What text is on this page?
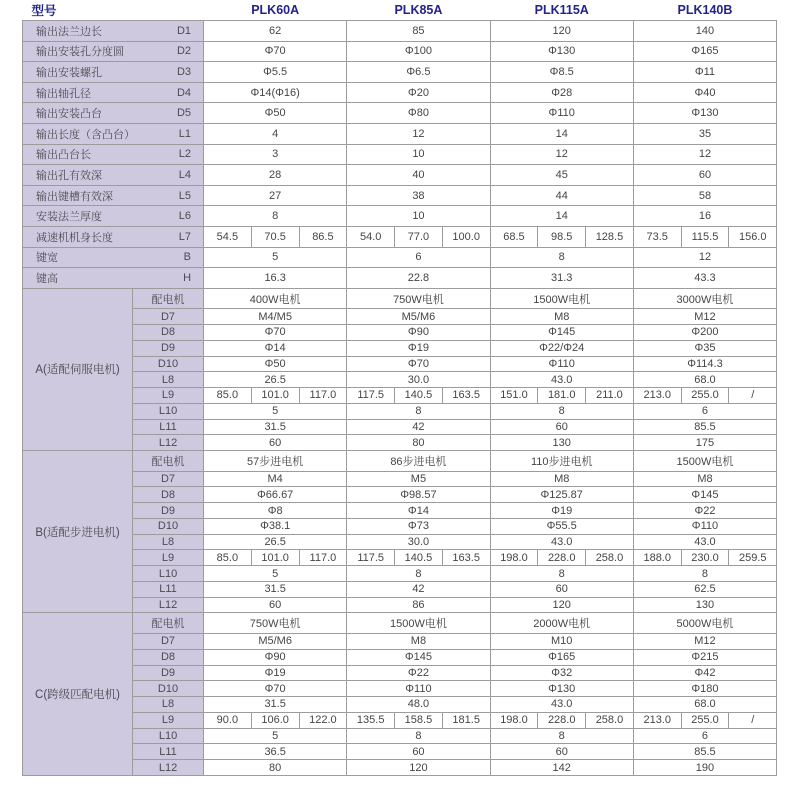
型号		PLK60A			PLK85A			PLK115A			PLK140B		

输出法兰边长 D1		62			85			120			140		

输出安装孔分度圆 D2		Φ70			Φ100			Φ130			Φ165		

输出安装螺孔 D3		Φ5.5			Φ6.5			Φ8.5			Φ11		

输出轴孔径 D4		Φ14(Φ16)			Φ20			Φ28			Φ40		

输出安装凸台 D5		Φ50			Φ80			Φ110			Φ130		

输出长度（含凸台） L1		4			12			14			35		

输出凸台长 L2		3			10			12			12		

输出孔有效深 L4		28			40			45			60		

输出键槽有效深 L5		27			38			44			58		

安装法兰厚度 L6		8			10			14			16		

减速机机身长度 L7		54.5	70.5	86.5	54.0	77.0	100.0	68.5	98.5	128.5	73.5	115.5	156.0

键宽 B		5			6			8			12		

键高 H		16.3			22.8			31.3			43.3		
A(适配伺服电机)	配电机	400W电机			750W电机			1500W电机			3000W电机		
	D7	M4/M5			M5/M6			M8			M12		
	D8	Φ70			Φ90			Φ145			Φ200		
	D9	Φ14			Φ19			Φ22/Φ24			Φ35		
	D10	Φ50			Φ70			Φ110			Φ114.3		
	L8	26.5			30.0			43.0			68.0		
	L9	85.0	101.0	117.0	117.5	140.5	163.5	151.0	181.0	211.0	213.0	255.0	/
	L10	5			8			8			6		
	L11	31.5			42			60			85.5		
	L12	60			80			130			175		
B(适配步进电机)	配电机	57步进电机			86步进电机			110步进电机			1500W电机		
	D7	M4			M5			M8			M8		
	D8	Φ66.67			Φ98.57			Φ125.87			Φ145		
	D9	Φ8			Φ14			Φ19			Φ22		
	D10	Φ38.1			Φ73			Φ55.5			Φ110		
	L8	26.5			30.0			43.0			43.0		
	L9	85.0	101.0	117.0	117.5	140.5	163.5	198.0	228.0	258.0	188.0	230.0	259.5
	L10	5			8			8			8		
	L11	31.5			42			60			62.5		
	L12	60			86			120			130		
C(跨级匹配电机)	配电机	750W电机			1500W电机			2000W电机			5000W电机		
	D7	M5/M6			M8			M10			M12		
	D8	Φ90			Φ145			Φ165			Φ215		
	D9	Φ19			Φ22			Φ32			Φ42		
	D10	Φ70			Φ110			Φ130			Φ180		
	L8	31.5			48.0			43.0			68.0		
	L9	90.0	106.0	122.0	135.5	158.5	181.5	198.0	228.0	258.0	213.0	255.0	/
	L10	5			8			8			6		
	L11	36.5			60			60			85.5		
	L12	80			120			142			190		
